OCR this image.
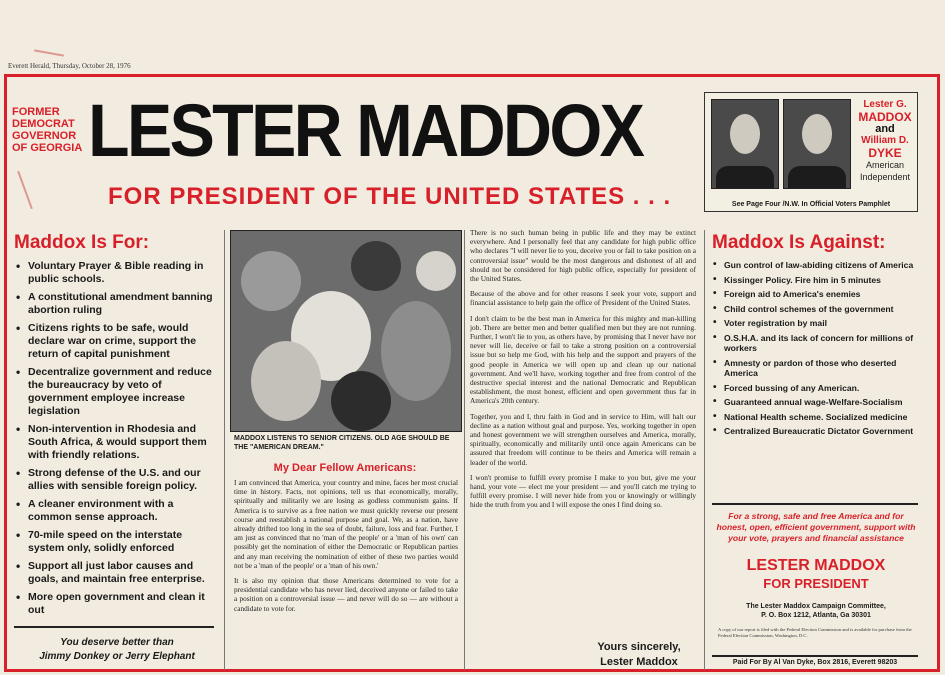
Everett Herald, Thursday, October 28, 1976
FORMER
DEMOCRAT
GOVERNOR
OF GEORGIA LESTER MADDOX
FOR PRESIDENT OF THE UNITED STATES . . .
Lester G.
MADDOX
and
William D.
DYKE
American
Independent
See Page Four /N.W. In Official Voters Pamphlet
Maddox Is For:
• Voluntary Prayer & Bible reading in public schools.
• A constitutional amendment banning abortion ruling
• Citizens rights to be safe, would declare war on crime, support the return of capital punishment
• Decentralize government and reduce the bureaucracy by veto of government employee increase legislation
• Non-intervention in Rhodesia and South Africa, & would support them with friendly relations.
• Strong defense of the U.S. and our allies with sensible foreign policy.
• A cleaner environment with a common sense approach.
• 70-mile speed on the interstate system only, solidly enforced
• Support all just labor causes and goals, and maintain free enterprise.
• More open government and clean it out
You deserve better than
Jimmy Donkey or Jerry Elephant
MADDOX LISTENS TO SENIOR CITIZENS. OLD AGE SHOULD BE THE "AMERICAN DREAM."
My Dear Fellow Americans:

I am convinced that America, your country and mine, faces her most crucial time in history. Facts, not opinions, tell us that economically, morally, spiritually and militarily we are losing as godless communism gains. If America is to survive as a free nation we must quickly reverse our present course and reestablish a national purpose and goal. We, as a nation, have already drifted too long in the sea of doubt, failure, loss and fear. Further, I am just as convinced that no 'man of the people' or a 'man of his own' can possibly get the nomination of either the Democratic or Republican parties and any man receiving the nomination of either of these two parties would not be a 'man of the people' or a 'man of his own.'

It is also my opinion that those Americans determined to vote for a presidential candidate who has never lied, deceived anyone or failed to take a position on a controversial issue — and never will do so — are without a candidate to vote for.

There is no such human being in public life and they may be extinct everywhere. And I personally feel that any candidate for high public office who declares "I will never lie to you, deceive you or fail to take position on a controversial issue" would be the most dangerous and dishonest of all and should not be considered for high public office, especially for president of the United States.

Because of the above and for other reasons I seek your vote, support and financial assistance to help gain the office of President of the United States.

I don't claim to be the best man in America for this mighty and man-killing job. There are better men and better qualified men but they are not running. Further, I won't lie to you, as others have, by promising that I never have nor never will lie, deceive or fail to take a strong position on a controversial issue but so help me God, with his help and the support and prayers of the good people in America we will open up and clean up our national government. And we'll have, working together and free from control of the destructive special interest and the national Democratic and Republican establishment, the most honest, efficient and open government thus far in America's 20th century.

Together, you and I, thru faith in God and in service to Him, will halt our decline as a nation without goal and purpose. Yes, working together in open and honest government we will strengthen ourselves and America, morally, spiritually, economically and militarily until once again Americans can be assured that freedom will continue to be theirs and America will remain a leader of the world.

I won't promise to fulfill every promise I make to you but, give me your hand, your vote — elect me your president — and you'll catch me trying to fulfill every promise. I will never hide from you or knowingly or willingly hide the truth from you and I will expose the ones I find doing so.

Yours sincerely,
Lester Maddox
Maddox Is Against:
• Gun control of law-abiding citizens of America
• Kissinger Policy. Fire him in 5 minutes
• Foreign aid to America's enemies
• Child control schemes of the government
• Voter registration by mail
• O.S.H.A. and its lack of concern for millions of workers
• Amnesty or pardon of those who deserted America
• Forced bussing of any American.
• Guaranteed annual wage-Welfare-Socialism
• National Health scheme. Socialized medicine
• Centralized Bureaucratic Dictator Government
For a strong, safe and free America and for honest, open, efficient government, support with your vote, prayers and financial assistance
LESTER MADDOX
FOR PRESIDENT
The Lester Maddox Campaign Committee,
P. O. Box 1212, Atlanta, Ga 30301
A copy of our report is filed with the Federal Election Commission and is available for purchase from the Federal Election Commission, Washington, D.C.
Paid For By Al Van Dyke, Box 2816, Everett 98203
